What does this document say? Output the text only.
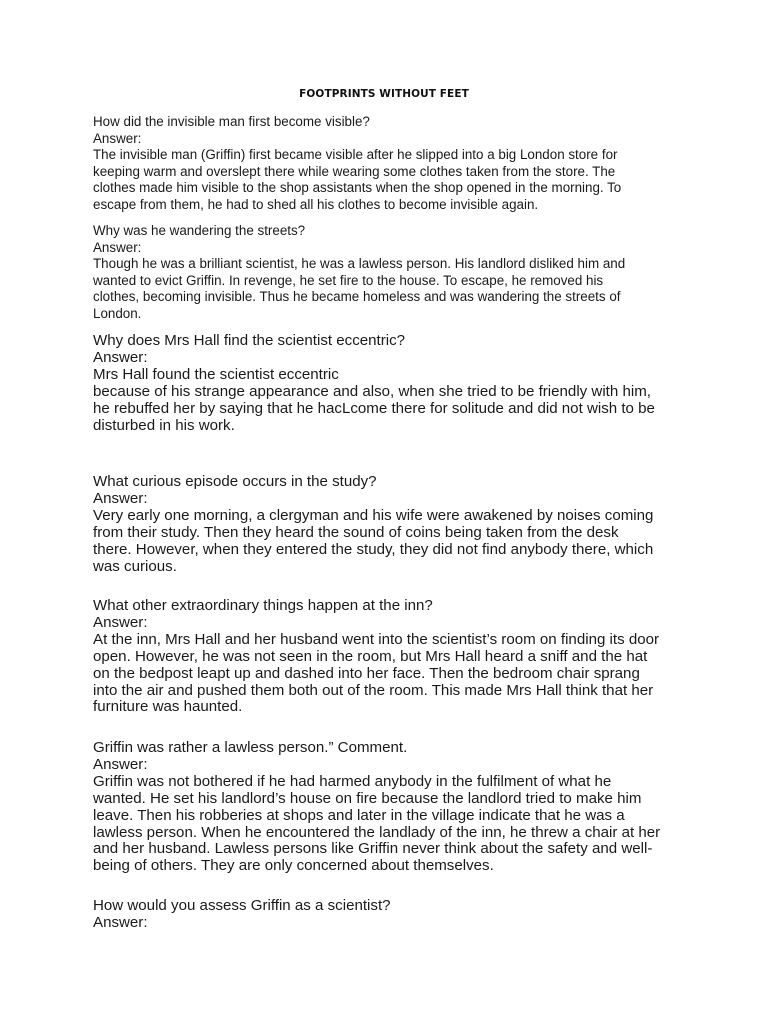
FOOTPRINTS WITHOUT FEET

How did the invisible man first become visible?

Answer:

The invisible man (Griffin) first became visible after he slipped into a big London store for

keeping warm and overslept there while wearing some clothes taken from the store. The

clothes made him visible to the shop assistants when the shop opened in the morning. To

escape from them, he had to shed all his clothes to become invisible again.

Why was he wandering the streets?

Answer:

Though he was a brilliant scientist, he was a lawless person. His landlord disliked him and

wanted to evict Griffin. In revenge, he set fire to the house. To escape, he removed his

clothes, becoming invisible. Thus he became homeless and was wandering the streets of

London.

Why does Mrs Hall find the scientist eccentric?

Answer:

Mrs Hall found the scientist eccentric

because of his strange appearance and also, when she tried to be friendly with him,

he rebuffed her by saying that he hacLcome there for solitude and did not wish to be

disturbed in his work.

What curious episode occurs in the study?

Answer:

Very early one morning, a clergyman and his wife were awakened by noises coming

from their study. Then they heard the sound of coins being taken from the desk

there. However, when they entered the study, they did not find anybody there, which

was curious.

What other extraordinary things happen at the inn?

Answer:

At the inn, Mrs Hall and her husband went into the scientist’s room on finding its door

open. However, he was not seen in the room, but Mrs Hall heard a sniff and the hat

on the bedpost leapt up and dashed into her face. Then the bedroom chair sprang

into the air and pushed them both out of the room. This made Mrs Hall think that her

furniture was haunted.

Griffin was rather a lawless person.” Comment.

Answer:

Griffin was not bothered if he had harmed anybody in the fulfilment of what he

wanted. He set his landlord’s house on fire because the landlord tried to make him

leave. Then his robberies at shops and later in the village indicate that he was a

lawless person. When he encountered the landlady of the inn, he threw a chair at her

and her husband. Lawless persons like Griffin never think about the safety and well-

being of others. They are only concerned about themselves.

How would you assess Griffin as a scientist?

Answer:
